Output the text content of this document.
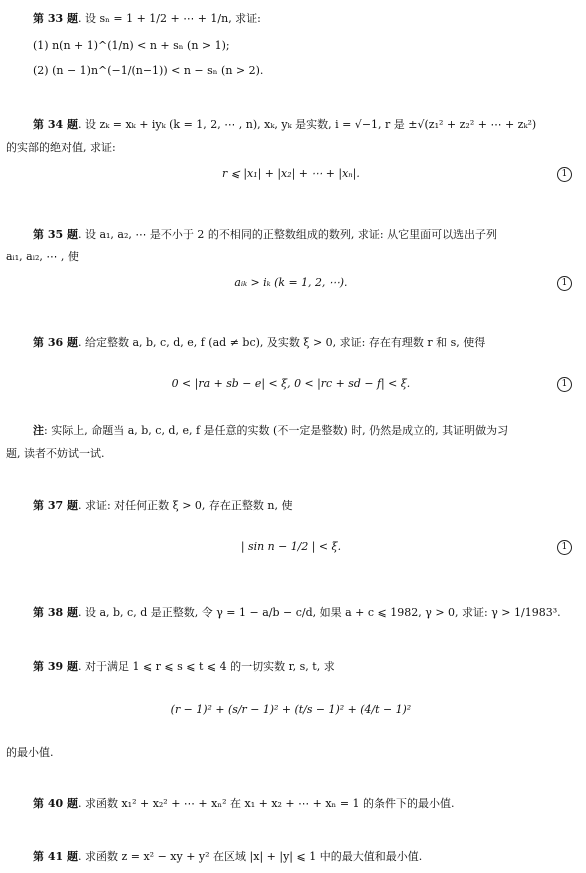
第 33 题. 设 sₙ = 1 + 1/2 + ⋯ + 1/n, 求证:
(1) n(n + 1)^(1/n) < n + sₙ (n > 1);
(2) (n − 1)n^(−1/(n−1)) < n − sₙ (n > 2).
第 34 题. 设 zₖ = xₖ + iyₖ (k = 1, 2, ⋯ , n), xₖ, yₖ 是实数, i = √−1, r 是 ±√(z₁² + z₂² + ⋯ + zₖ²)
的实部的绝对值, 求证:
r ⩽ |x₁| + |x₂| + ⋯ + |xₙ|.	1
第 35 题. 设 a₁, a₂, ⋯ 是不小于 2 的不相同的正整数组成的数列, 求证: 从它里面可以选出子列
aᵢ₁, aᵢ₂, ⋯ , 使
aᵢₖ > iₖ (k = 1, 2, ⋯).	1
第 36 题. 给定整数 a, b, c, d, e, f (ad ≠ bc), 及实数 ξ > 0, 求证: 存在有理数 r 和 s, 使得
0 < |ra + sb − e| < ξ, 0 < |rc + sd − f| < ξ.	1
注: 实际上, 命题当 a, b, c, d, e, f 是任意的实数 (不一定是整数) 时, 仍然是成立的, 其证明做为习
题, 读者不妨试一试.
第 37 题. 求证: 对任何正数 ξ > 0, 存在正整数 n, 使
| sin n − 1/2 | < ξ.	1
第 38 题. 设 a, b, c, d 是正整数, 令 γ = 1 − a/b − c/d, 如果 a + c ⩽ 1982, γ > 0, 求证: γ > 1/1983³.
第 39 题. 对于满足 1 ⩽ r ⩽ s ⩽ t ⩽ 4 的一切实数 r, s, t, 求
(r − 1)² + (s/r − 1)² + (t/s − 1)² + (4/t − 1)²
的最小值.
第 40 题. 求函数 x₁² + x₂² + ⋯ + xₙ² 在 x₁ + x₂ + ⋯ + xₙ = 1 的条件下的最小值.
第 41 题. 求函数 z = x² − xy + y² 在区域 |x| + |y| ⩽ 1 中的最大值和最小值.
